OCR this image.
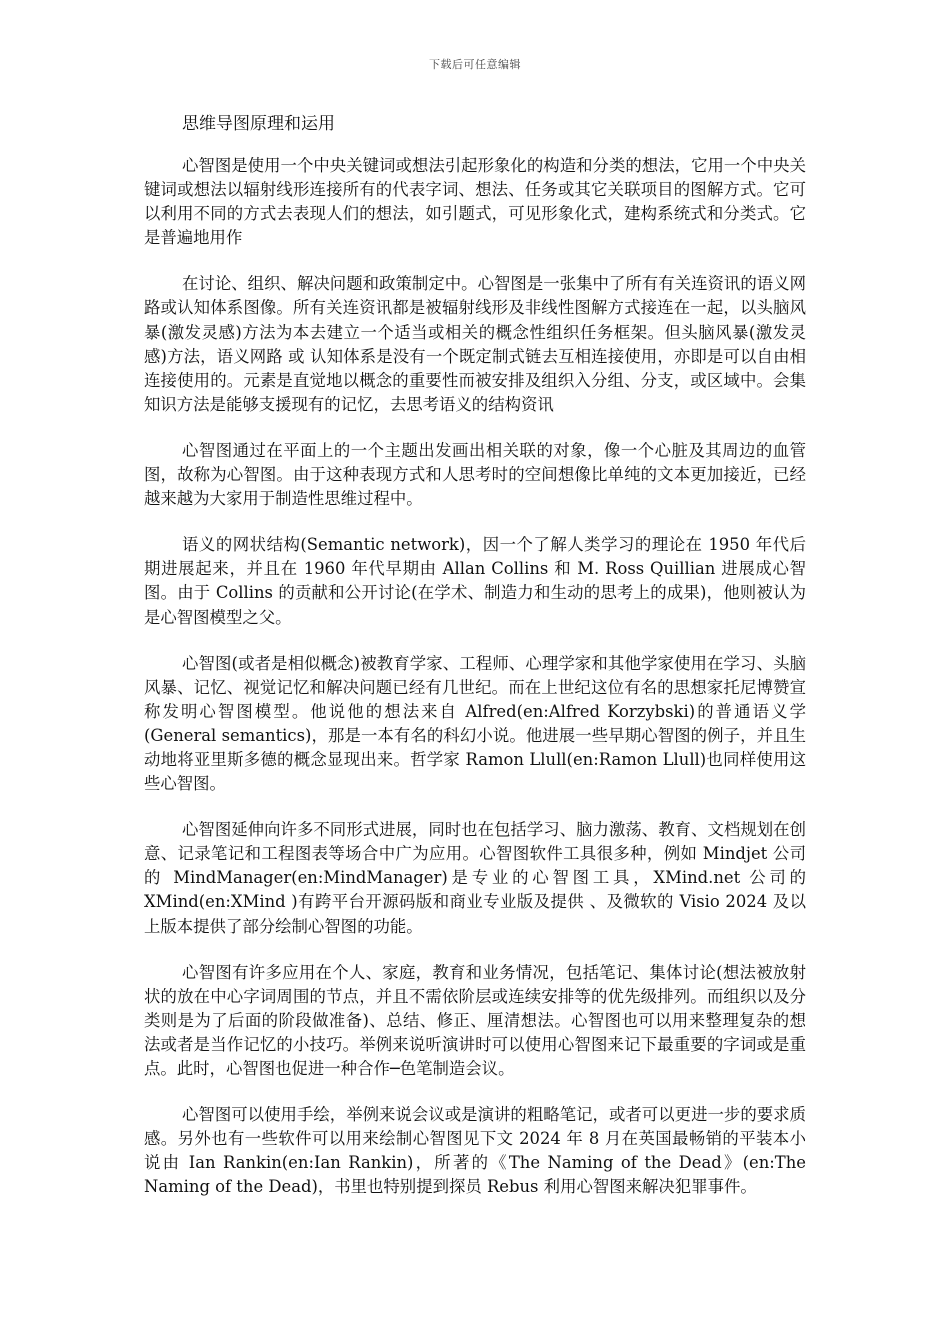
下载后可任意编辑
思维导图原理和运用

心智图是使用一个中央关键词或想法引起形象化的构造和分类的想法，它用一个中央关键词或想法以辐射线形连接所有的代表字词、想法、任务或其它关联项目的图解方式。它可以利用不同的方式去表现人们的想法，如引题式，可见形象化式，建构系统式和分类式。它是普遍地用作

在讨论、组织、解决问题和政策制定中。心智图是一张集中了所有有关连资讯的语义网路或认知体系图像。所有关连资讯都是被辐射线形及非线性图解方式接连在一起，以头脑风暴(激发灵感)方法为本去建立一个适当或相关的概念性组织任务框架。但头脑风暴(激发灵感)方法，语义网路 或 认知体系是没有一个既定制式链去互相连接使用，亦即是可以自由相连接使用的。元素是直觉地以概念的重要性而被安排及组织入分组、分支，或区域中。会集知识方法是能够支援现有的记忆，去思考语义的结构资讯

心智图通过在平面上的一个主题出发画出相关联的对象，像一个心脏及其周边的血管图，故称为心智图。由于这种表现方式和人思考时的空间想像比单纯的文本更加接近，已经越来越为大家用于制造性思维过程中。

语义的网状结构(Semantic network)，因一个了解人类学习的理论在 1950 年代后期进展起来，并且在 1960 年代早期由 Allan Collins 和 M. Ross Quillian 进展成心智图。由于 Collins 的贡献和公开讨论(在学术、制造力和生动的思考上的成果)，他则被认为是心智图模型之父。

心智图(或者是相似概念)被教育学家、工程师、心理学家和其他学家使用在学习、头脑风暴、记忆、视觉记忆和解决问题已经有几世纪。而在上世纪这位有名的思想家托尼博赞宣称发明心智图模型。他说他的想法来自 Alfred(en:Alfred Korzybski)的普通语义学(General semantics)，那是一本有名的科幻小说。他进展一些早期心智图的例子，并且生动地将亚里斯多德的概念显现出来。哲学家 Ramon Llull(en:Ramon Llull)也同样使用这些心智图。

心智图延伸向许多不同形式进展，同时也在包括学习、脑力激荡、教育、文档规划在创意、记录笔记和工程图表等场合中广为应用。心智图软件工具很多种，例如 Mindjet 公司的 MindManager(en:MindManager)是专业的心智图工具，XMind.net 公司的 XMind(en:XMind )有跨平台开源码版和商业专业版及提供 、及微软的 Visio 2024 及以上版本提供了部分绘制心智图的功能。

心智图有许多应用在个人、家庭，教育和业务情况，包括笔记、集体讨论(想法被放射状的放在中心字词周围的节点，并且不需依阶层或连续安排等的优先级排列。而组织以及分类则是为了后面的阶段做准备)、总结、修正、厘清想法。心智图也可以用来整理复杂的想法或者是当作记忆的小技巧。举例来说听演讲时可以使用心智图来记下最重要的字词或是重点。此时，心智图也促进一种合作─色笔制造会议。

心智图可以使用手绘，举例来说会议或是演讲的粗略笔记，或者可以更进一步的要求质感。另外也有一些软件可以用来绘制心智图见下文 2024 年 8 月在英国最畅销的平装本小说由 Ian Rankin(en:Ian Rankin)，所著的《The Naming of the Dead》(en:The Naming of the Dead)，书里也特别提到探员 Rebus 利用心智图来解决犯罪事件。
